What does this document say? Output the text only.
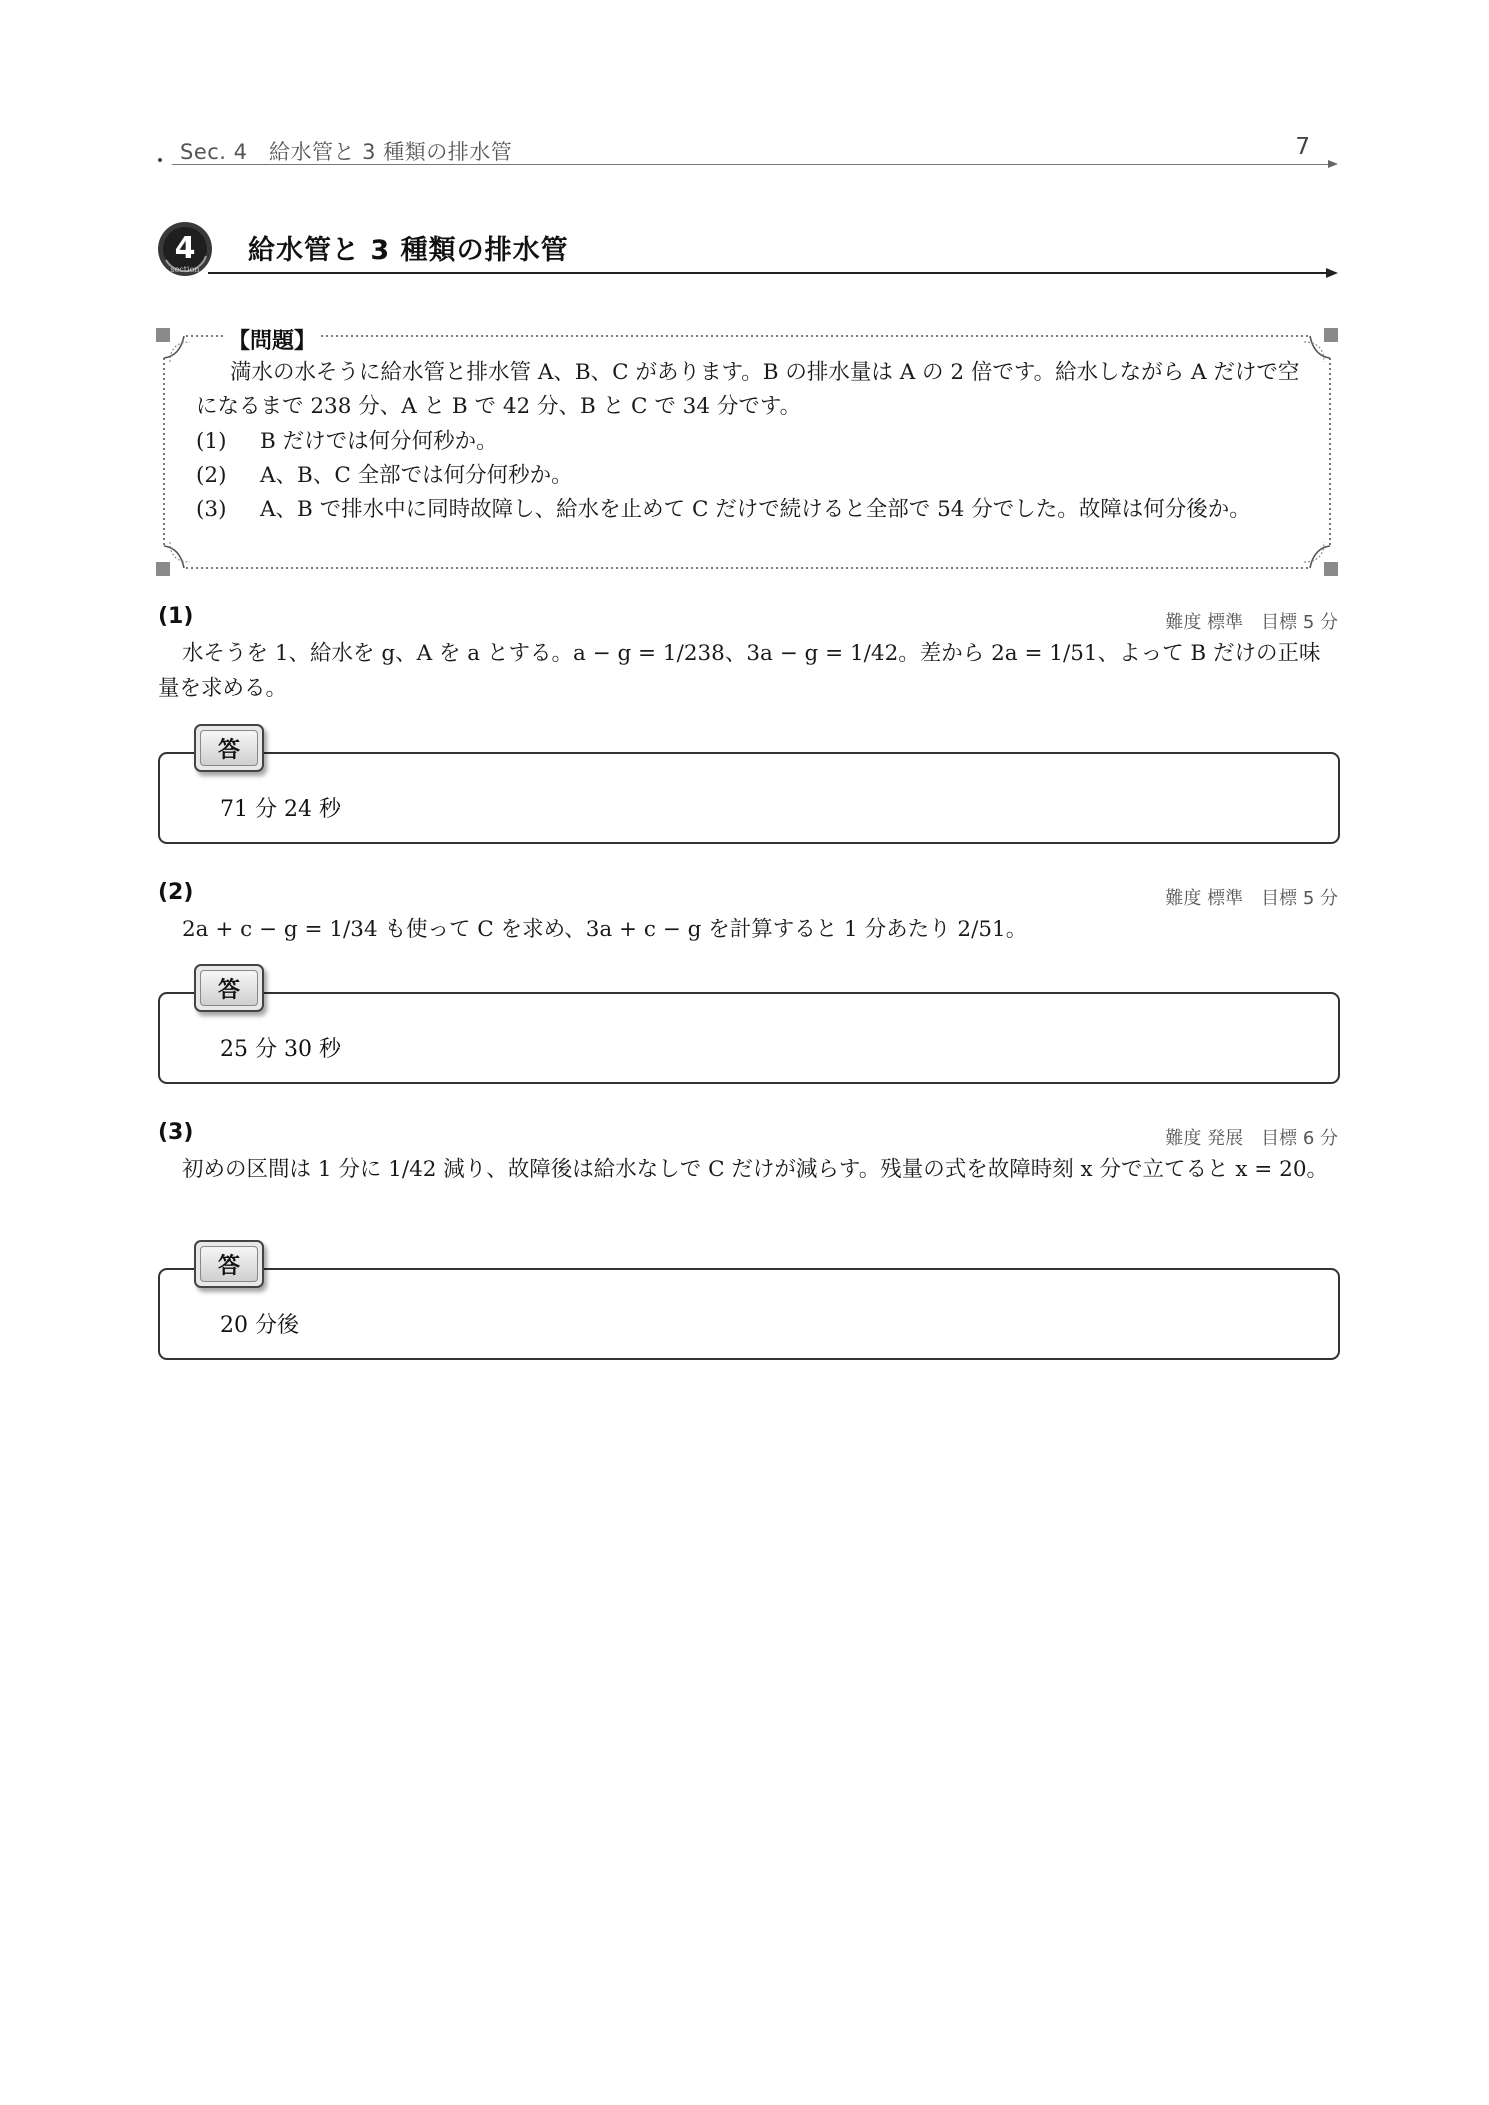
Sec. 4　給水管と 3 種類の排水管	7
4
section
給水管と 3 種類の排水管
【問題】
満水の水そうに給水管と排水管 A、B、C があります。B の排水量は A の 2 倍です。給水しながら A だけで空になるまで 238 分、A と B で 42 分、B と C で 34 分です。
(1) B だけでは何分何秒か。
(2) A、B、C 全部では何分何秒か。
(3) A、B で排水中に同時故障し、給水を止めて C だけで続けると全部で 54 分でした。故障は何分後か。
(1)	難度 標準　目標 5 分
水そうを 1、給水を g、A を a とする。a − g = 1/238、3a − g = 1/42。差から 2a = 1/51、よって B だけの正味量を求める。
71 分 24 秒
答
(2)	難度 標準　目標 5 分
2a + c − g = 1/34 も使って C を求め、3a + c − g を計算すると 1 分あたり 2/51。
25 分 30 秒
答
(3)	難度 発展　目標 6 分
初めの区間は 1 分に 1/42 減り、故障後は給水なしで C だけが減らす。残量の式を故障時刻 x 分で立てると x = 20。
20 分後
答
